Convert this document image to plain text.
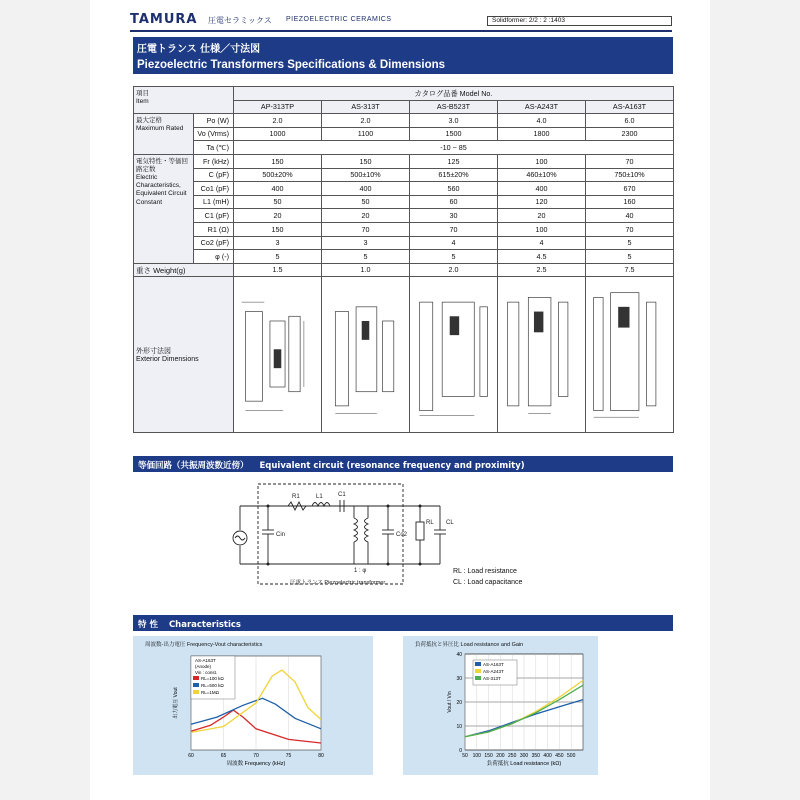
TAMURA 圧電セラミックス PIEZOELECTRIC CERAMICS	Solidformer: 2/2 : 2 :1403
圧電トランス 仕様／寸法図
Piezoelectric Transformers Specifications & Dimensions
項目
Item		カタログ品番 Model No.				
		AP-313TP	AS-313T	AS-B523T	AS-A243T	AS-A163T

最大定格
Maximum Rated	Po (W)	2.0	2.0	3.0	4.0	6.0
	Vo (Vrms)	1000	1100	1500	1800	2300
	Ta (℃)	-10 ~ 85				

電気特性・等価回路定数
Electric Characteristics, Equivalent Circuit Constant	Fr (kHz)	150	150	125	100	70
	C (pF)	500±20%	500±10%	615±20%	460±10%	750±10%
	Co1 (pF)	400	400	560	400	670
	L1 (mH)	50	50	60	120	160
	C1 (pF)	20	20	30	20	40
	R1 (Ω)	150	70	70	100	70
	Co2 (pF)	3	3	4	4	5
	φ (-)	5	5	5	4.5	5
重さ Weight(g)		1.5	1.0	2.0	2.5	7.5

外形寸法図
Exterior Dimensions

等価回路（共振周波数近傍） Equivalent circuit (resonance frequency and proximity)
R1	L1	C1
Cin	Co2
RL CL
1 : φ
圧電トランス Piezoelectric transformer
RL : Load resistance
CL : Load capacitance
特 性 Characteristics
周波数-出力電圧 Frequency-Vout characteristics
60	65	70	75	80
周波数 Frequency (kHz)
出力電圧 Vout
AS-A163T
(Anode)
Vin : const.
RL=100 kΩ
RL=500 kΩ
RL=1MΩ
負荷抵抗と昇圧比 Load resistance and Gain
0
10
20
30
40
50 100 150 200 250 300 350 400 450 500
負荷抵抗 Load resistance (kΩ)
Vout / Vin
AS-A163T
AS-A243T
AS-313T
